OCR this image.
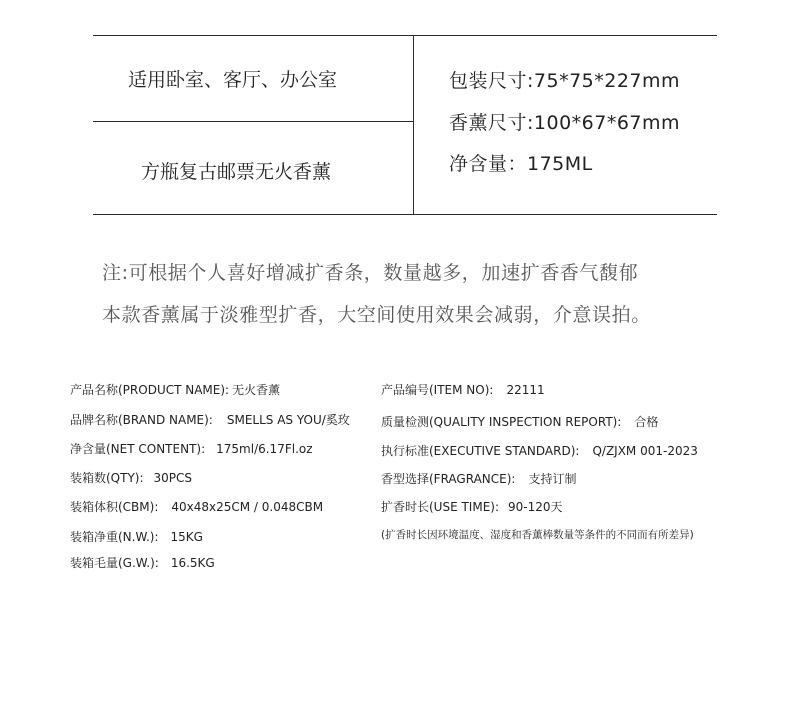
适用卧室、客厅、办公室
方瓶复古邮票无火香薰
包装尺寸:75*75*227mm
香薰尺寸:100*67*67mm
净含量：175ML
注:可根据个人喜好增减扩香条，数量越多，加速扩香香气馥郁
本款香薰属于淡雅型扩香，大空间使用效果会减弱，介意误拍。
产品名称(PRODUCT NAME): 无火香薰
品牌名称(BRAND NAME): SMELLS AS YOU/奚玫
净含量(NET CONTENT): 175ml/6.17Fl.oz
装箱数(QTY): 30PCS
装箱体积(CBM): 40x48x25CM / 0.048CBM
装箱净重(N.W.): 15KG
装箱毛量(G.W.): 16.5KG
产品编号(ITEM NO): 22111
质量检测(QUALITY INSPECTION REPORT): 合格
执行标准(EXECUTIVE STANDARD): Q/ZJXM 001-2023
香型选择(FRAGRANCE): 支持订制
扩香时长(USE TIME): 90-120天
(扩香时长因环境温度、湿度和香薰棒数量等条件的不同而有所差异)
